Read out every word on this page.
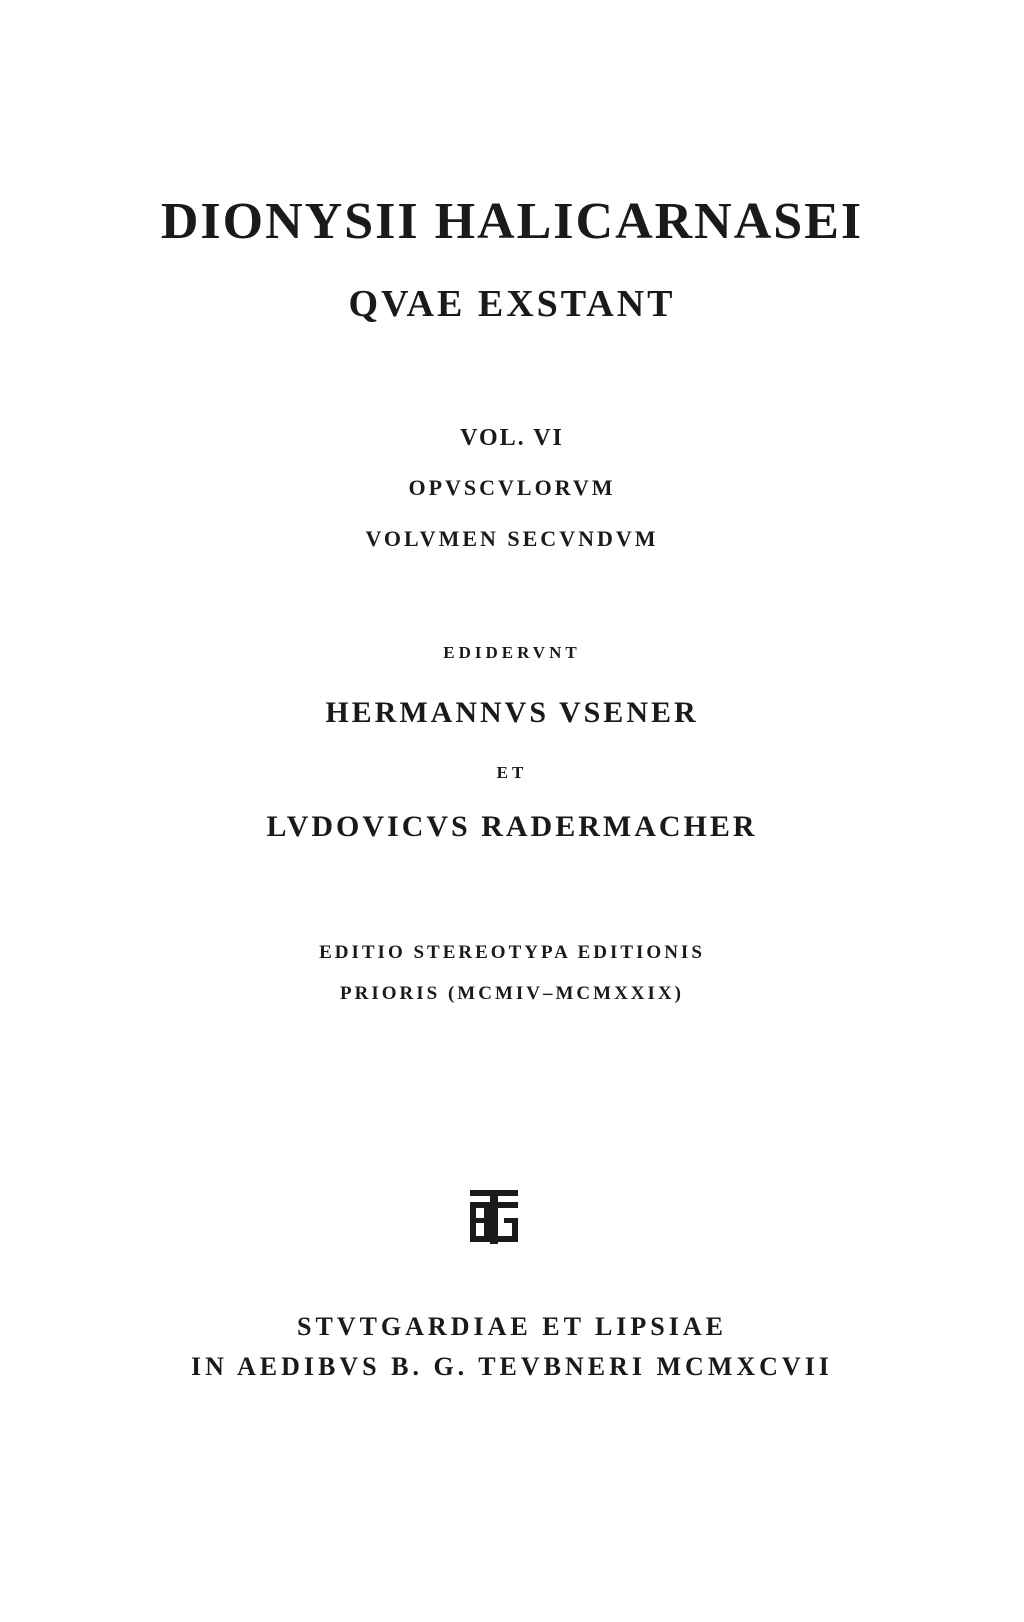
DIONYSII HALICARNASEI
QVAE EXSTANT
VOL. VI
OPVSCVLORVM
VOLVMEN SECVNDVM
EDIDERVNT
HERMANNVS VSENER
ET
LVDOVICVS RADERMACHER
EDITIO STEREOTYPA EDITIONIS
PRIORIS (MCMIV–MCMXXIX)
STVTGARDIAE ET LIPSIAE
IN AEDIBVS B. G. TEVBNERI MCMXCVII
